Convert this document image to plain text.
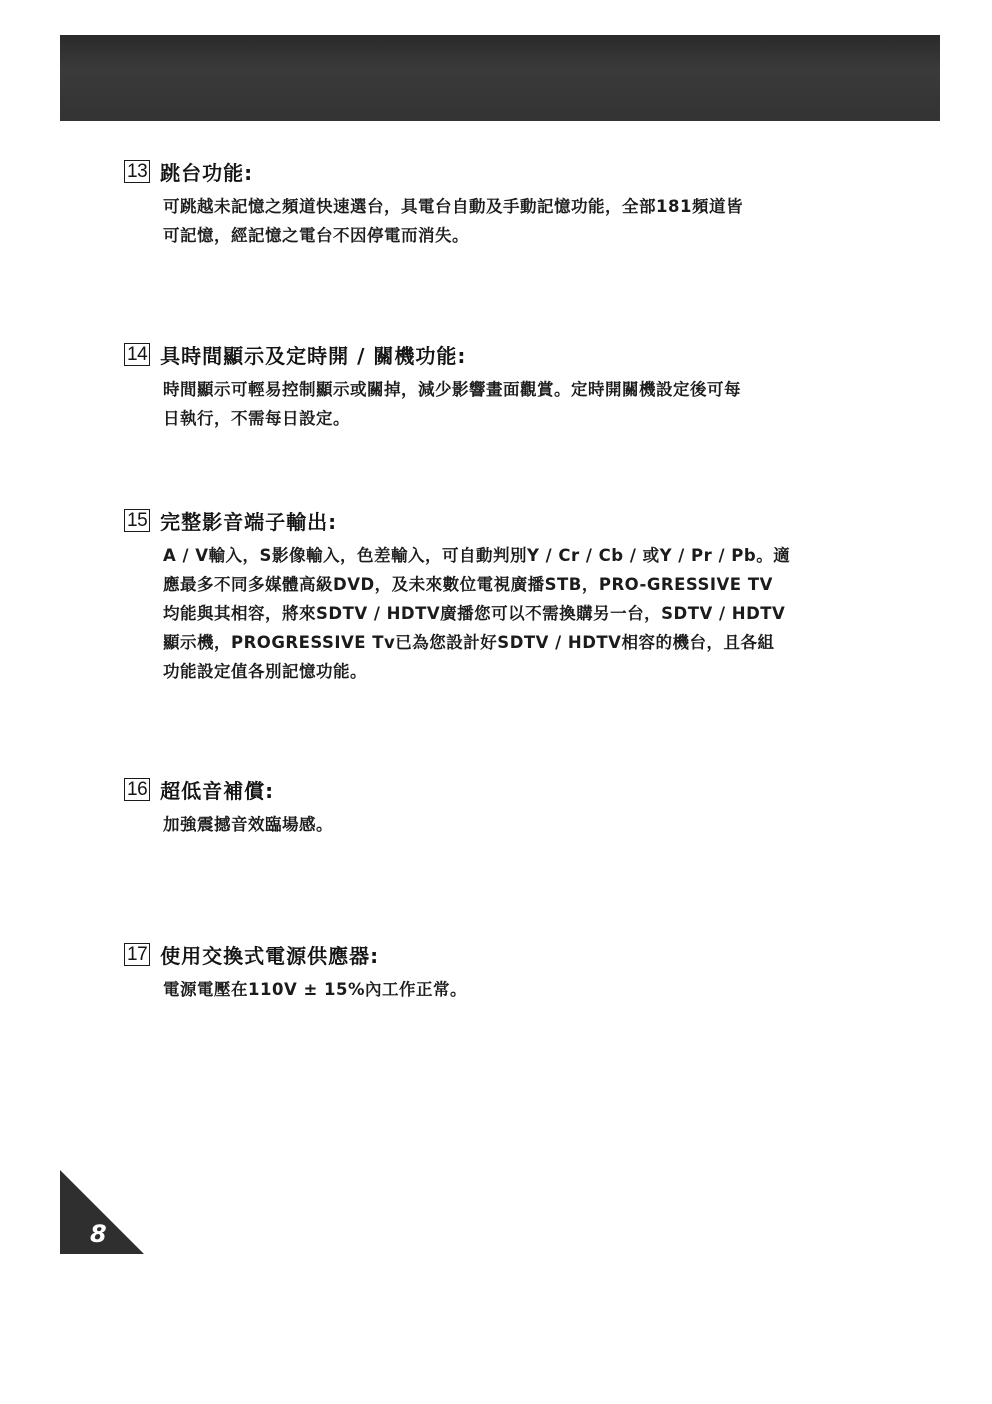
13 跳台功能:
可跳越未記憶之頻道快速選台，具電台自動及手動記憶功能，全部181頻道皆
可記憶，經記憶之電台不因停電而消失。
14 具時間顯示及定時開 / 關機功能:
時間顯示可輕易控制顯示或關掉，減少影響畫面觀賞。定時開關機設定後可每
日執行，不需每日設定。
15 完整影音端子輸出:
A / V輸入，S影像輸入，色差輸入，可自動判別Y / Cr / Cb / 或Y / Pr / Pb。適
應最多不同多媒體高級DVD，及未來數位電視廣播STB，PRO-GRESSIVE TV
均能與其相容，將來SDTV / HDTV廣播您可以不需換購另一台，SDTV / HDTV
顯示機，PROGRESSIVE Tv已為您設計好SDTV / HDTV相容的機台，且各組
功能設定值各別記憶功能。
16 超低音補償:
加強震撼音效臨場感。
17 使用交換式電源供應器:
電源電壓在110V ± 15%內工作正常。
8
